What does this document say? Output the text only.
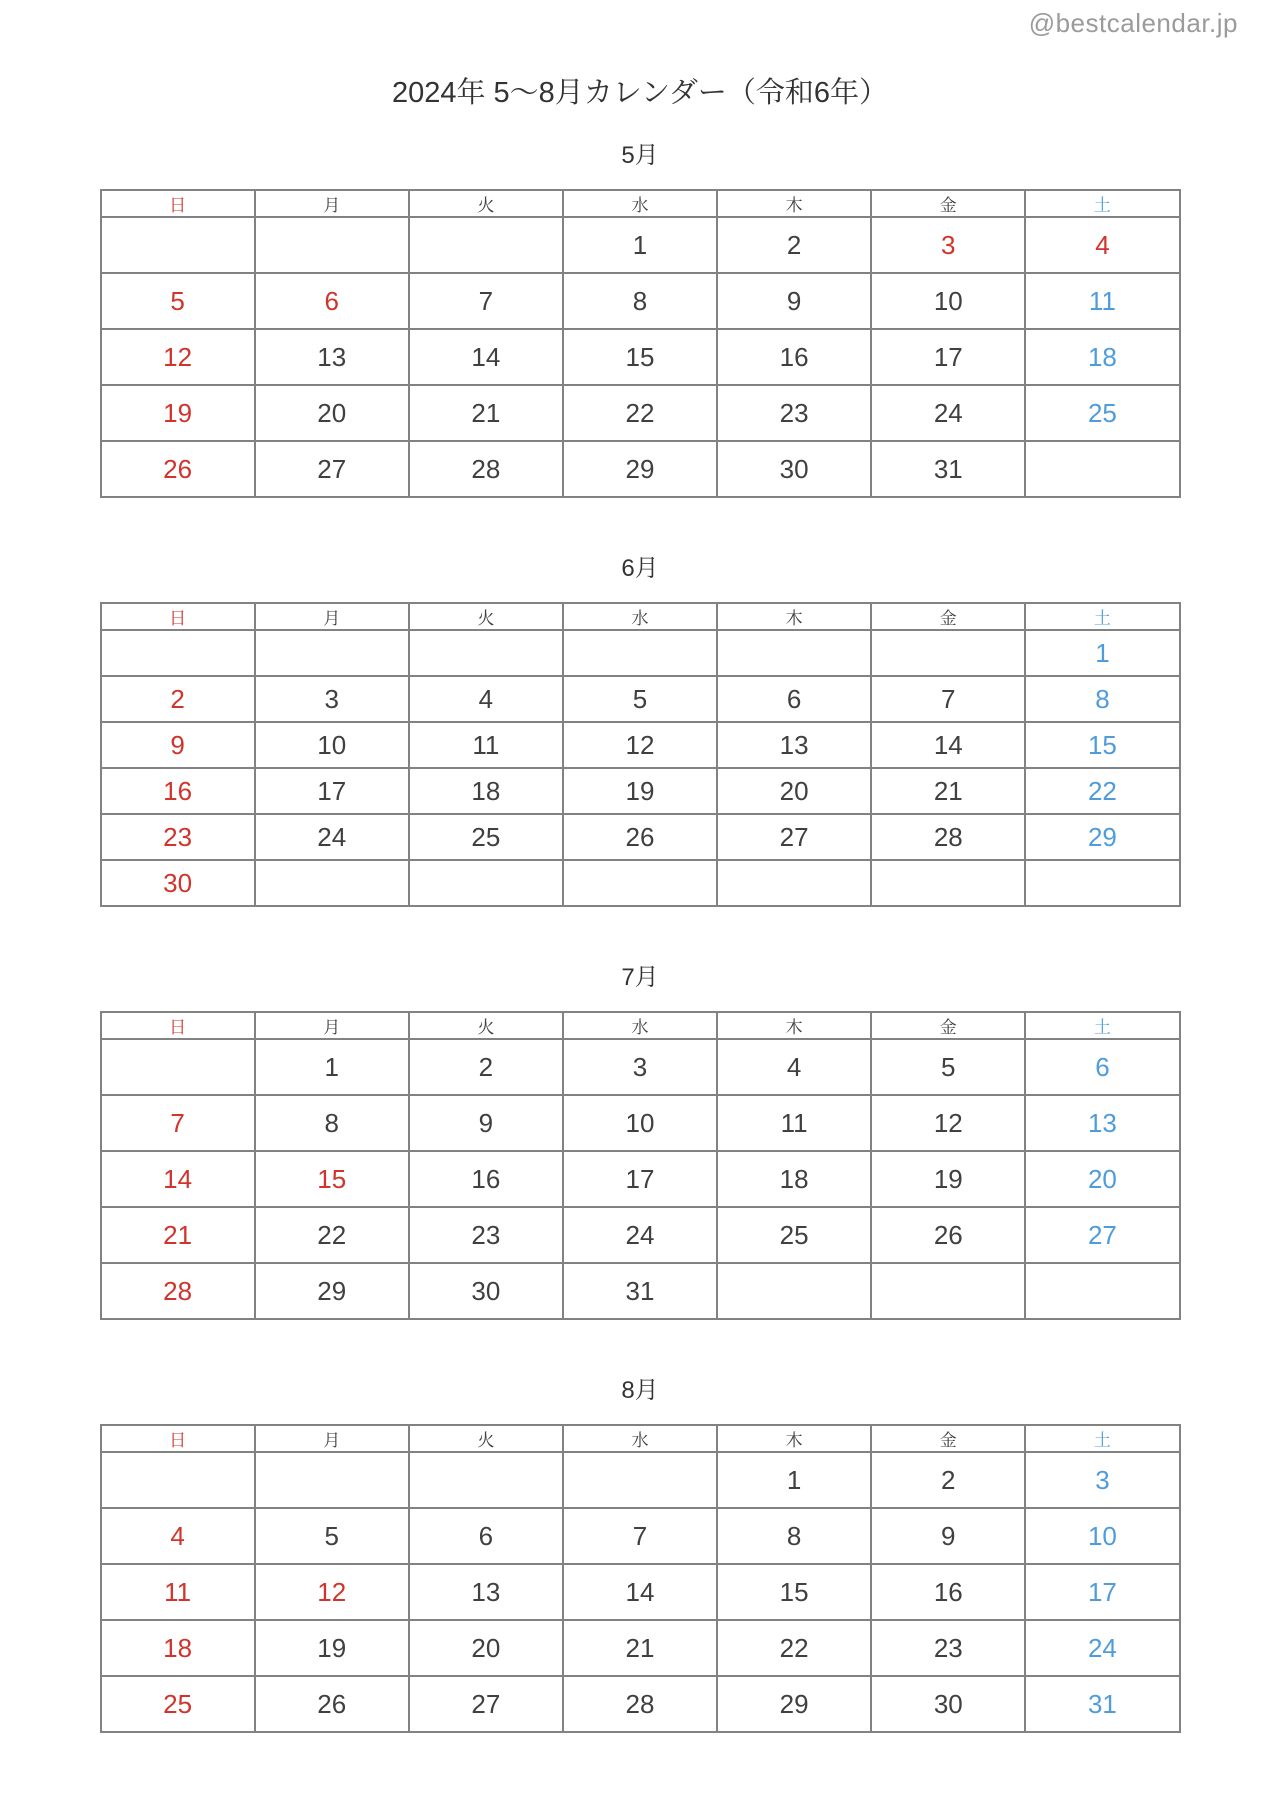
@bestcalendar.jp
2024年 5〜8月カレンダー（令和6年）
5月
日	月	火	水	木	金	土
			1	2	3	4
5	6	7	8	9	10	11
12	13	14	15	16	17	18
19	20	21	22	23	24	25
26	27	28	29	30	31	
6月
日	月	火	水	木	金	土
						1
2	3	4	5	6	7	8
9	10	11	12	13	14	15
16	17	18	19	20	21	22
23	24	25	26	27	28	29
30						
7月
日	月	火	水	木	金	土
	1	2	3	4	5	6
7	8	9	10	11	12	13
14	15	16	17	18	19	20
21	22	23	24	25	26	27
28	29	30	31			
8月
日	月	火	水	木	金	土
				1	2	3
4	5	6	7	8	9	10
11	12	13	14	15	16	17
18	19	20	21	22	23	24
25	26	27	28	29	30	31
